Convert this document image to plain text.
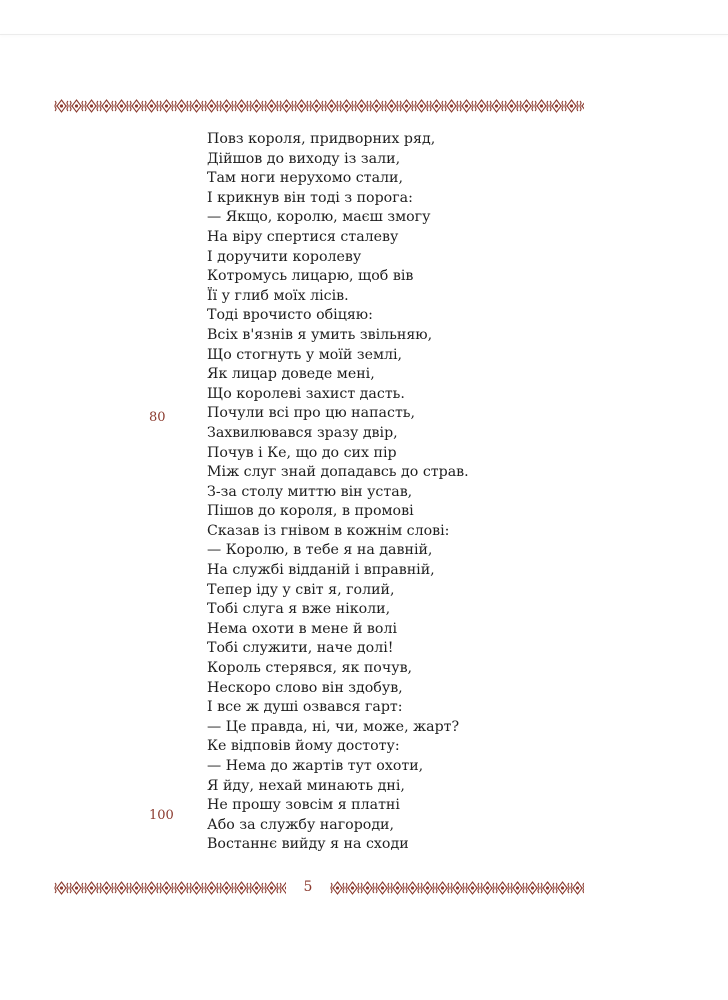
Повз короля, придворних ряд,
Дійшов до виходу із зали,
Там ноги нерухомо стали,
І крикнув він тоді з порога:
— Якщо, королю, маєш змогу
На віру спертися сталеву
І доручити королеву
Котромусь лицарю, щоб вів
Її у глиб моїх лісів.
Тоді врочисто обіцяю:
Всіх в'язнів я умить звільняю,
Що стогнуть у моїй землі,
Як лицар доведе мені,
Що королеві захист дасть.
Почули всі про цю напасть,
Захвилювався зразу двір,
Почув і Ке, що до сих пір
Між слуг знай допадавсь до страв.
З-за столу миттю він устав,
Пішов до короля, в промові
Сказав із гнівом в кожнім слові:
— Королю, в тебе я на давній,
На службі відданій і вправній,
Тепер іду у світ я, голий,
Тобі слуга я вже ніколи,
Нема охоти в мене й волі
Тобі служити, наче долі!
Король стерявся, як почув,
Нескоро слово він здобув,
І все ж душі озвався гарт:
— Це правда, ні, чи, може, жарт?
Ке відповів йому достоту:
— Нема до жартів тут охоти,
Я йду, нехай минають дні,
Не прошу зовсім я платні
Або за службу нагороди,
Востаннє вийду я на сходи
80
100
5
